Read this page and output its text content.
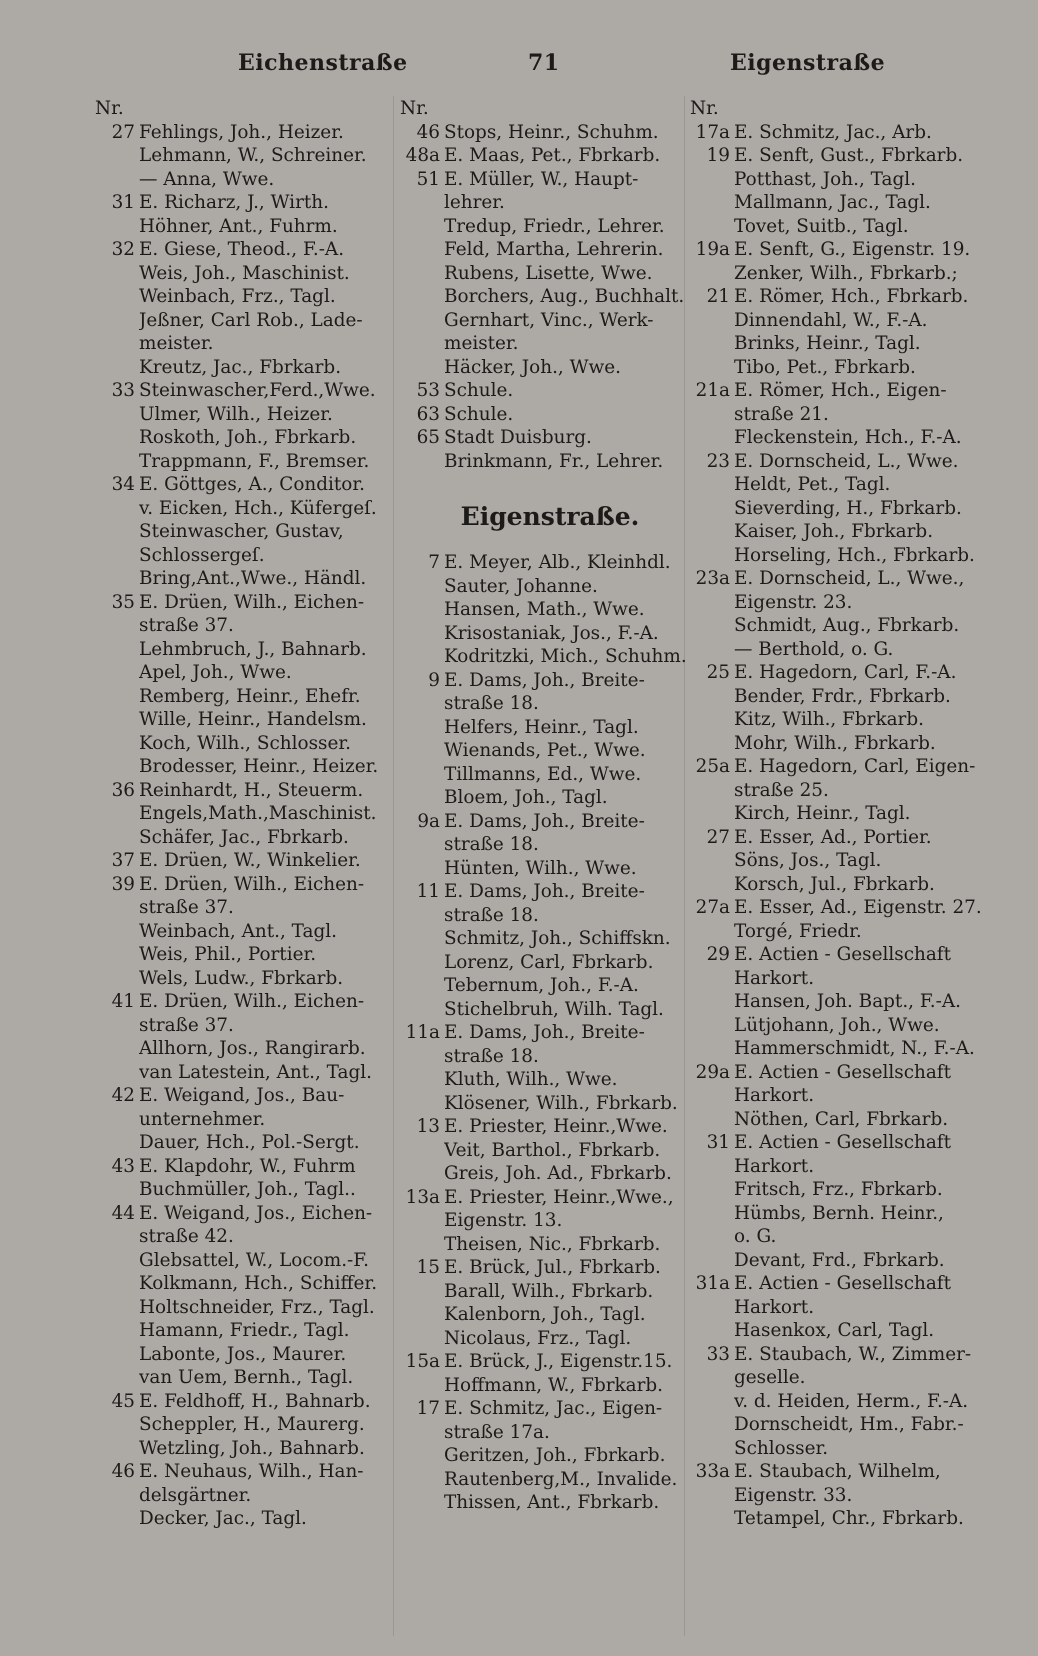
Eichenstraße	71	Eigenstraße
Nr.
27 Fehlings, Joh., Heizer.
Lehmann, W., Schreiner.
— Anna, Wwe.
31 E. Richarz, J., Wirth.
Höhner, Ant., Fuhrm.
32 E. Giese, Theod., F.-A.
Weis, Joh., Maschinist.
Weinbach, Frz., Tagl.
Jeßner, Carl Rob., Lade-
meister.
Kreutz, Jac., Fbrkarb.
33 Steinwascher,Ferd.,Wwe.
Ulmer, Wilh., Heizer.
Roskoth, Joh., Fbrkarb.
Trappmann, F., Bremser.
34 E. Göttges, A., Conditor.
v. Eicken, Hch., Küfergeſ.
Steinwascher, Gustav,
Schlossergeſ.
Bring,Ant.,Wwe., Händl.
35 E. Drüen, Wilh., Eichen-
straße 37.
Lehmbruch, J., Bahnarb.
Apel, Joh., Wwe.
Remberg, Heinr., Ehefr.
Wille, Heinr., Handelsm.
Koch, Wilh., Schlosser.
Brodesser, Heinr., Heizer.
36 Reinhardt, H., Steuerm.
Engels,Math.,Maschinist.
Schäfer, Jac., Fbrkarb.
37 E. Drüen, W., Winkelier.
39 E. Drüen, Wilh., Eichen-
straße 37.
Weinbach, Ant., Tagl.
Weis, Phil., Portier.
Wels, Ludw., Fbrkarb.
41 E. Drüen, Wilh., Eichen-
straße 37.
Allhorn, Jos., Rangirarb.
van Latestein, Ant., Tagl.
42 E. Weigand, Jos., Bau-
unternehmer.
Dauer, Hch., Pol.-Sergt.
43 E. Klapdohr, W., Fuhrm
Buchmüller, Joh., Tagl..
44 E. Weigand, Jos., Eichen-
straße 42.
Glebsattel, W., Locom.-F.
Kolkmann, Hch., Schiffer.
Holtschneider, Frz., Tagl.
Hamann, Friedr., Tagl.
Labonte, Jos., Maurer.
van Uem, Bernh., Tagl.
45 E. Feldhoff, H., Bahnarb.
Scheppler, H., Maurerg.
Wetzling, Joh., Bahnarb.
46 E. Neuhaus, Wilh., Han-
delsgärtner.
Decker, Jac., Tagl.
Nr.
46 Stops, Heinr., Schuhm.
48a E. Maas, Pet., Fbrkarb.
51 E. Müller, W., Haupt-
lehrer.
Tredup, Friedr., Lehrer.
Feld, Martha, Lehrerin.
Rubens, Lisette, Wwe.
Borchers, Aug., Buchhalt.
Gernhart, Vinc., Werk-
meister.
Häcker, Joh., Wwe.
53 Schule.
63 Schule.
65 Stadt Duisburg.
Brinkmann, Fr., Lehrer.
Eigenstraße.
7 E. Meyer, Alb., Kleinhdl.
Sauter, Johanne.
Hansen, Math., Wwe.
Krisostaniak, Jos., F.-A.
Kodritzki, Mich., Schuhm.
9 E. Dams, Joh., Breite-
straße 18.
Helfers, Heinr., Tagl.
Wienands, Pet., Wwe.
Tillmanns, Ed., Wwe.
Bloem, Joh., Tagl.
9a E. Dams, Joh., Breite-
straße 18.
Hünten, Wilh., Wwe.
11 E. Dams, Joh., Breite-
straße 18.
Schmitz, Joh., Schiffskn.
Lorenz, Carl, Fbrkarb.
Tebernum, Joh., F.-A.
Stichelbruh, Wilh. Tagl.
11a E. Dams, Joh., Breite-
straße 18.
Kluth, Wilh., Wwe.
Klösener, Wilh., Fbrkarb.
13 E. Priester, Heinr.,Wwe.
Veit, Barthol., Fbrkarb.
Greis, Joh. Ad., Fbrkarb.
13a E. Priester, Heinr.,Wwe.,
Eigenstr. 13.
Theisen, Nic., Fbrkarb.
15 E. Brück, Jul., Fbrkarb.
Barall, Wilh., Fbrkarb.
Kalenborn, Joh., Tagl.
Nicolaus, Frz., Tagl.
15a E. Brück, J., Eigenstr.15.
Hoffmann, W., Fbrkarb.
17 E. Schmitz, Jac., Eigen-
straße 17a.
Geritzen, Joh., Fbrkarb.
Rautenberg,M., Invalide.
Thissen, Ant., Fbrkarb.
Nr.
17a E. Schmitz, Jac., Arb.
19 E. Senft, Gust., Fbrkarb.
Potthast, Joh., Tagl.
Mallmann, Jac., Tagl.
Tovet, Suitb., Tagl.
19a E. Senft, G., Eigenstr. 19.
Zenker, Wilh., Fbrkarb.;
21 E. Römer, Hch., Fbrkarb.
Dinnendahl, W., F.-A.
Brinks, Heinr., Tagl.
Tibo, Pet., Fbrkarb.
21a E. Römer, Hch., Eigen-
straße 21.
Fleckenstein, Hch., F.-A.
23 E. Dornscheid, L., Wwe.
Heldt, Pet., Tagl.
Sieverding, H., Fbrkarb.
Kaiser, Joh., Fbrkarb.
Horseling, Hch., Fbrkarb.
23a E. Dornscheid, L., Wwe.,
Eigenstr. 23.
Schmidt, Aug., Fbrkarb.
— Berthold, o. G.
25 E. Hagedorn, Carl, F.-A.
Bender, Frdr., Fbrkarb.
Kitz, Wilh., Fbrkarb.
Mohr, Wilh., Fbrkarb.
25a E. Hagedorn, Carl, Eigen-
straße 25.
Kirch, Heinr., Tagl.
27 E. Esser, Ad., Portier.
Söns, Jos., Tagl.
Korsch, Jul., Fbrkarb.
27a E. Esser, Ad., Eigenstr. 27.
Torgé, Friedr.
29 E. Actien - Gesellschaft
Harkort.
Hansen, Joh. Bapt., F.-A.
Lütjohann, Joh., Wwe.
Hammerschmidt, N., F.-A.
29a E. Actien - Gesellschaft
Harkort.
Nöthen, Carl, Fbrkarb.
31 E. Actien - Gesellschaft
Harkort.
Fritsch, Frz., Fbrkarb.
Hümbs, Bernh. Heinr.,
o. G.
Devant, Frd., Fbrkarb.
31a E. Actien - Gesellschaft
Harkort.
Hasenkox, Carl, Tagl.
33 E. Staubach, W., Zimmer-
geselle.
v. d. Heiden, Herm., F.-A.
Dornscheidt, Hm., Fabr.-
Schlosser.
33a E. Staubach, Wilhelm,
Eigenstr. 33.
Tetampel, Chr., Fbrkarb.
